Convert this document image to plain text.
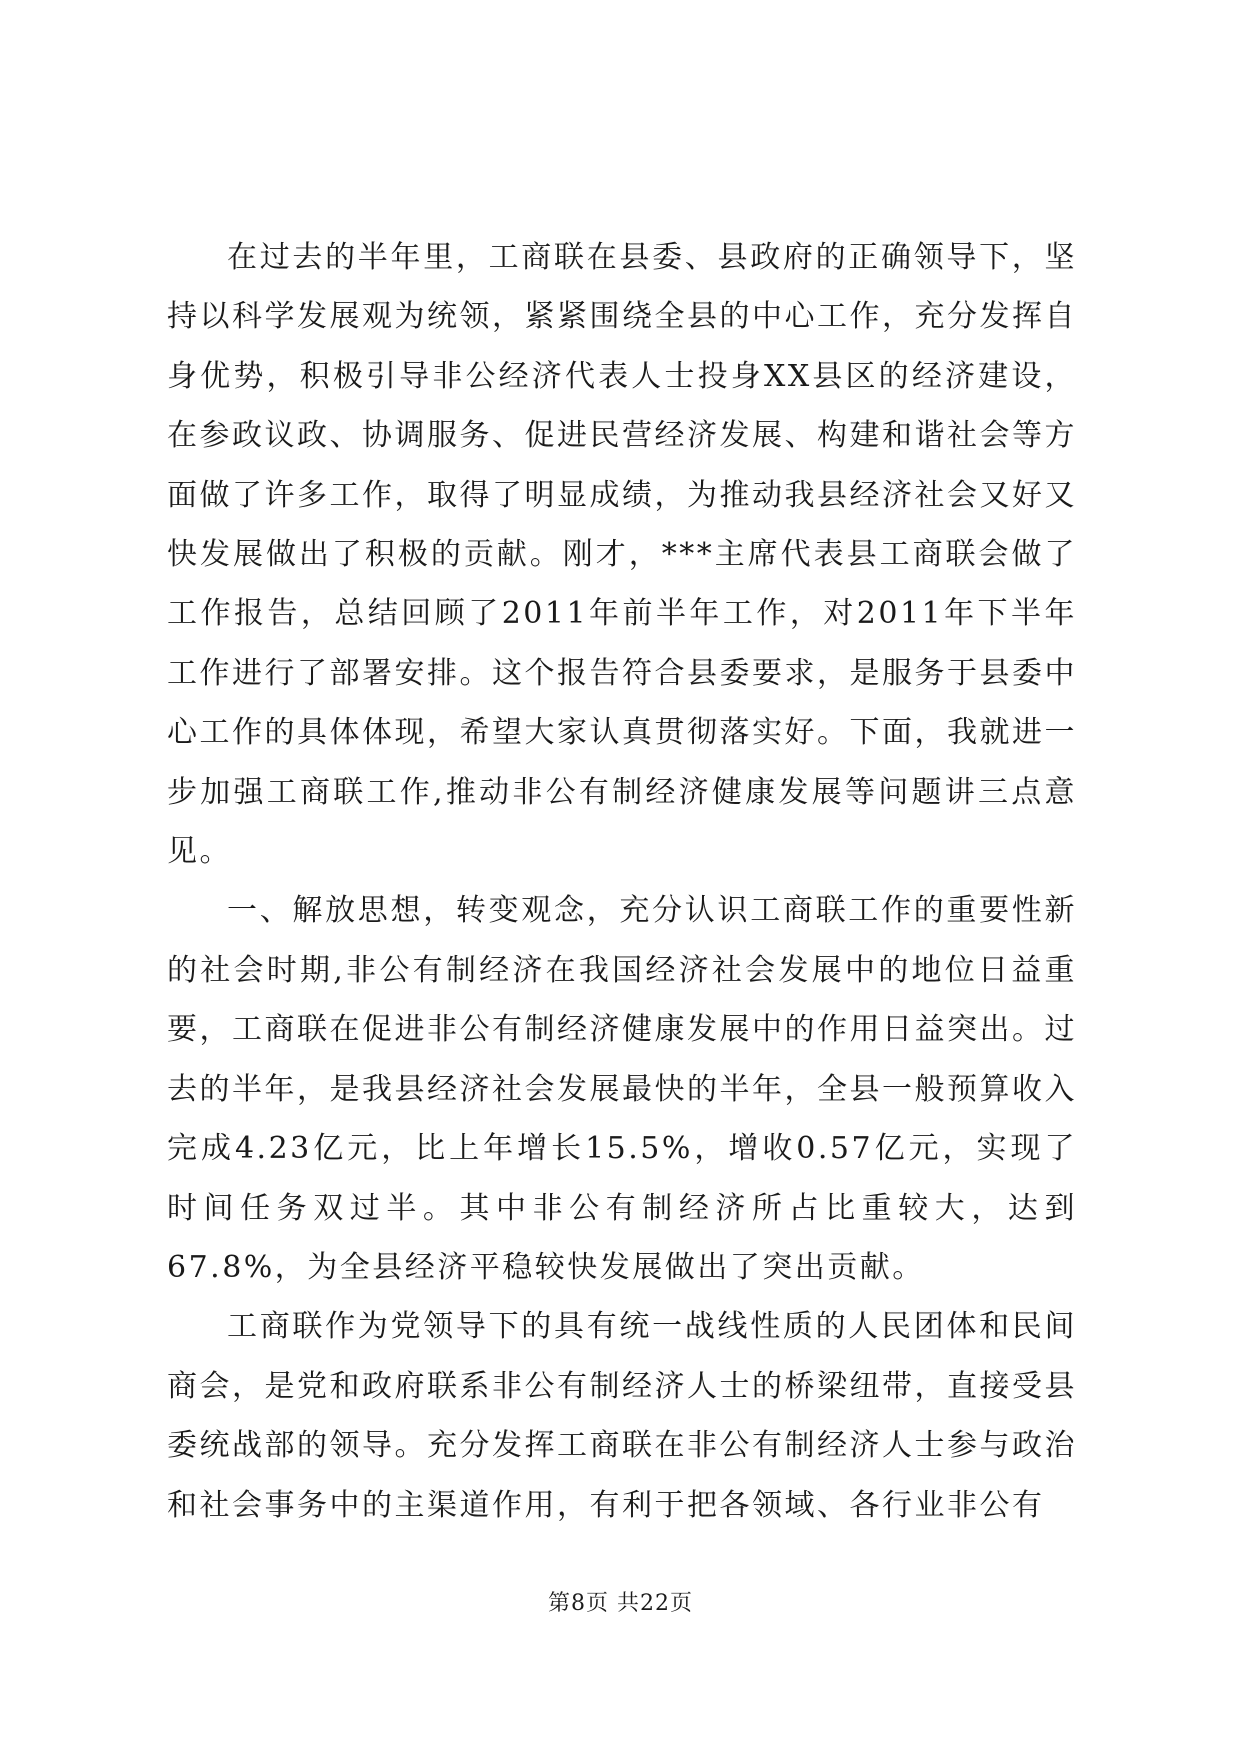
在过去的半年里，工商联在县委、县政府的正确领导下，坚持以科学发展观为统领，紧紧围绕全县的中心工作，充分发挥自身优势，积极引导非公经济代表人士投身XX县区的经济建设，在参政议政、协调服务、促进民营经济发展、构建和谐社会等方面做了许多工作，取得了明显成绩，为推动我县经济社会又好又快发展做出了积极的贡献。刚才，***主席代表县工商联会做了工作报告，总结回顾了2011年前半年工作，对2011年下半年工作进行了部署安排。这个报告符合县委要求，是服务于县委中心工作的具体体现，希望大家认真贯彻落实好。下面，我就进一步加强工商联工作,推动非公有制经济健康发展等问题讲三点意见。

一、解放思想，转变观念，充分认识工商联工作的重要性新的社会时期,非公有制经济在我国经济社会发展中的地位日益重要，工商联在促进非公有制经济健康发展中的作用日益突出。过去的半年，是我县经济社会发展最快的半年，全县一般预算收入完成4.23亿元，比上年增长15.5%，增收0.57亿元，实现了时间任务双过半。其中非公有制经济所占比重较大，达到67.8%，为全县经济平稳较快发展做出了突出贡献。

工商联作为党领导下的具有统一战线性质的人民团体和民间商会，是党和政府联系非公有制经济人士的桥梁纽带，直接受县委统战部的领导。充分发挥工商联在非公有制经济人士参与政治和社会事务中的主渠道作用，有利于把各领域、各行业非公有

第8页 共22页
